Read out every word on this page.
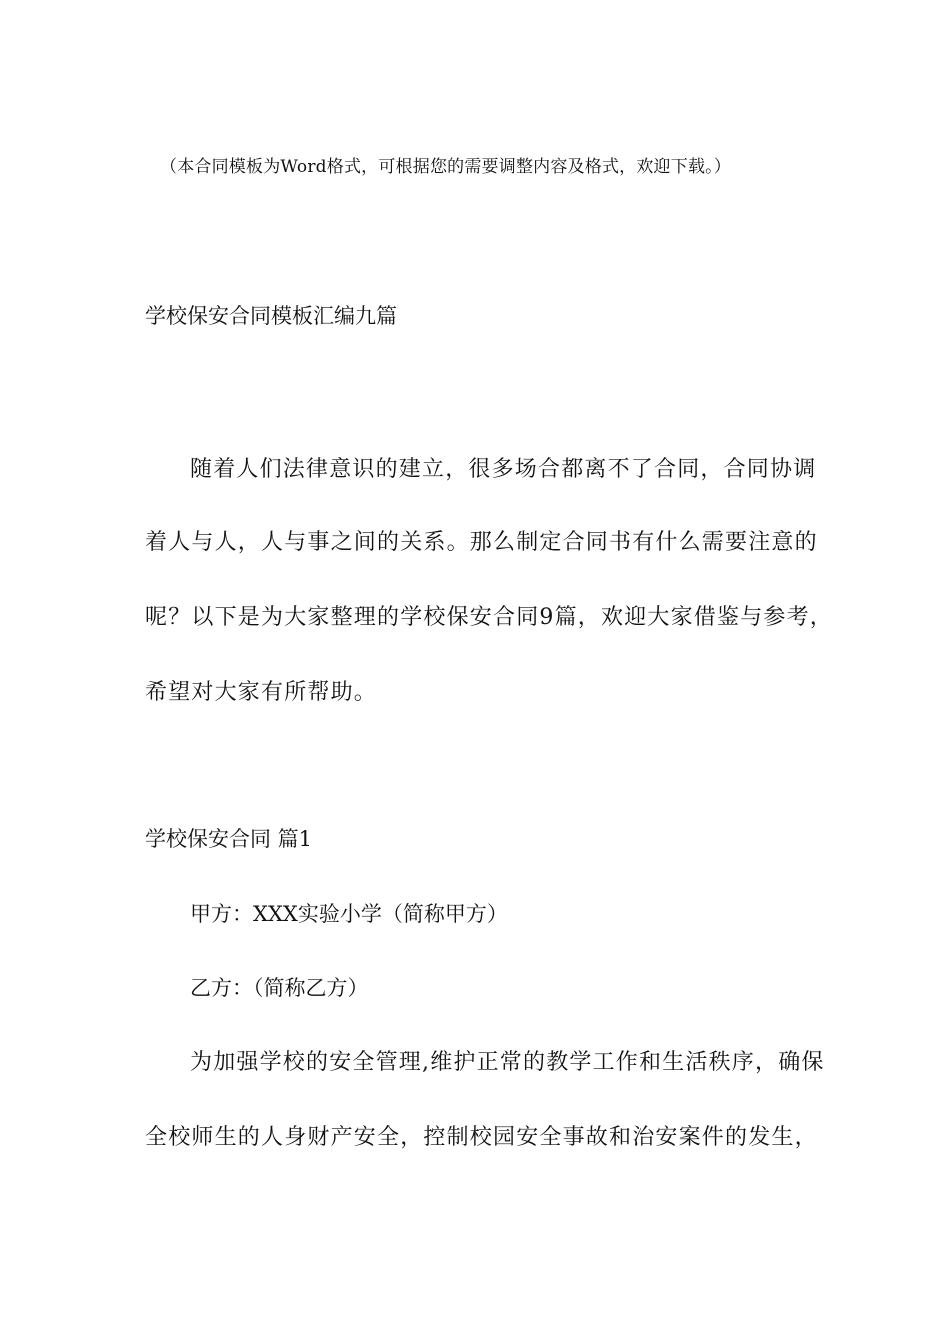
（本合同模板为Word格式，可根据您的需要调整内容及格式，欢迎下载。）

学校保安合同模板汇编九篇

随着人们法律意识的建立，很多场合都离不了合同，合同协调

着人与人，人与事之间的关系。那么制定合同书有什么需要注意的

呢？以下是为大家整理的学校保安合同9篇，欢迎大家借鉴与参考，

希望对大家有所帮助。

学校保安合同 篇1

甲方：XXX实验小学（简称甲方）

乙方：（简称乙方）

为加强学校的安全管理,维护正常的教学工作和生活秩序，确保

全校师生的人身财产安全，控制校园安全事故和治安案件的发生，
